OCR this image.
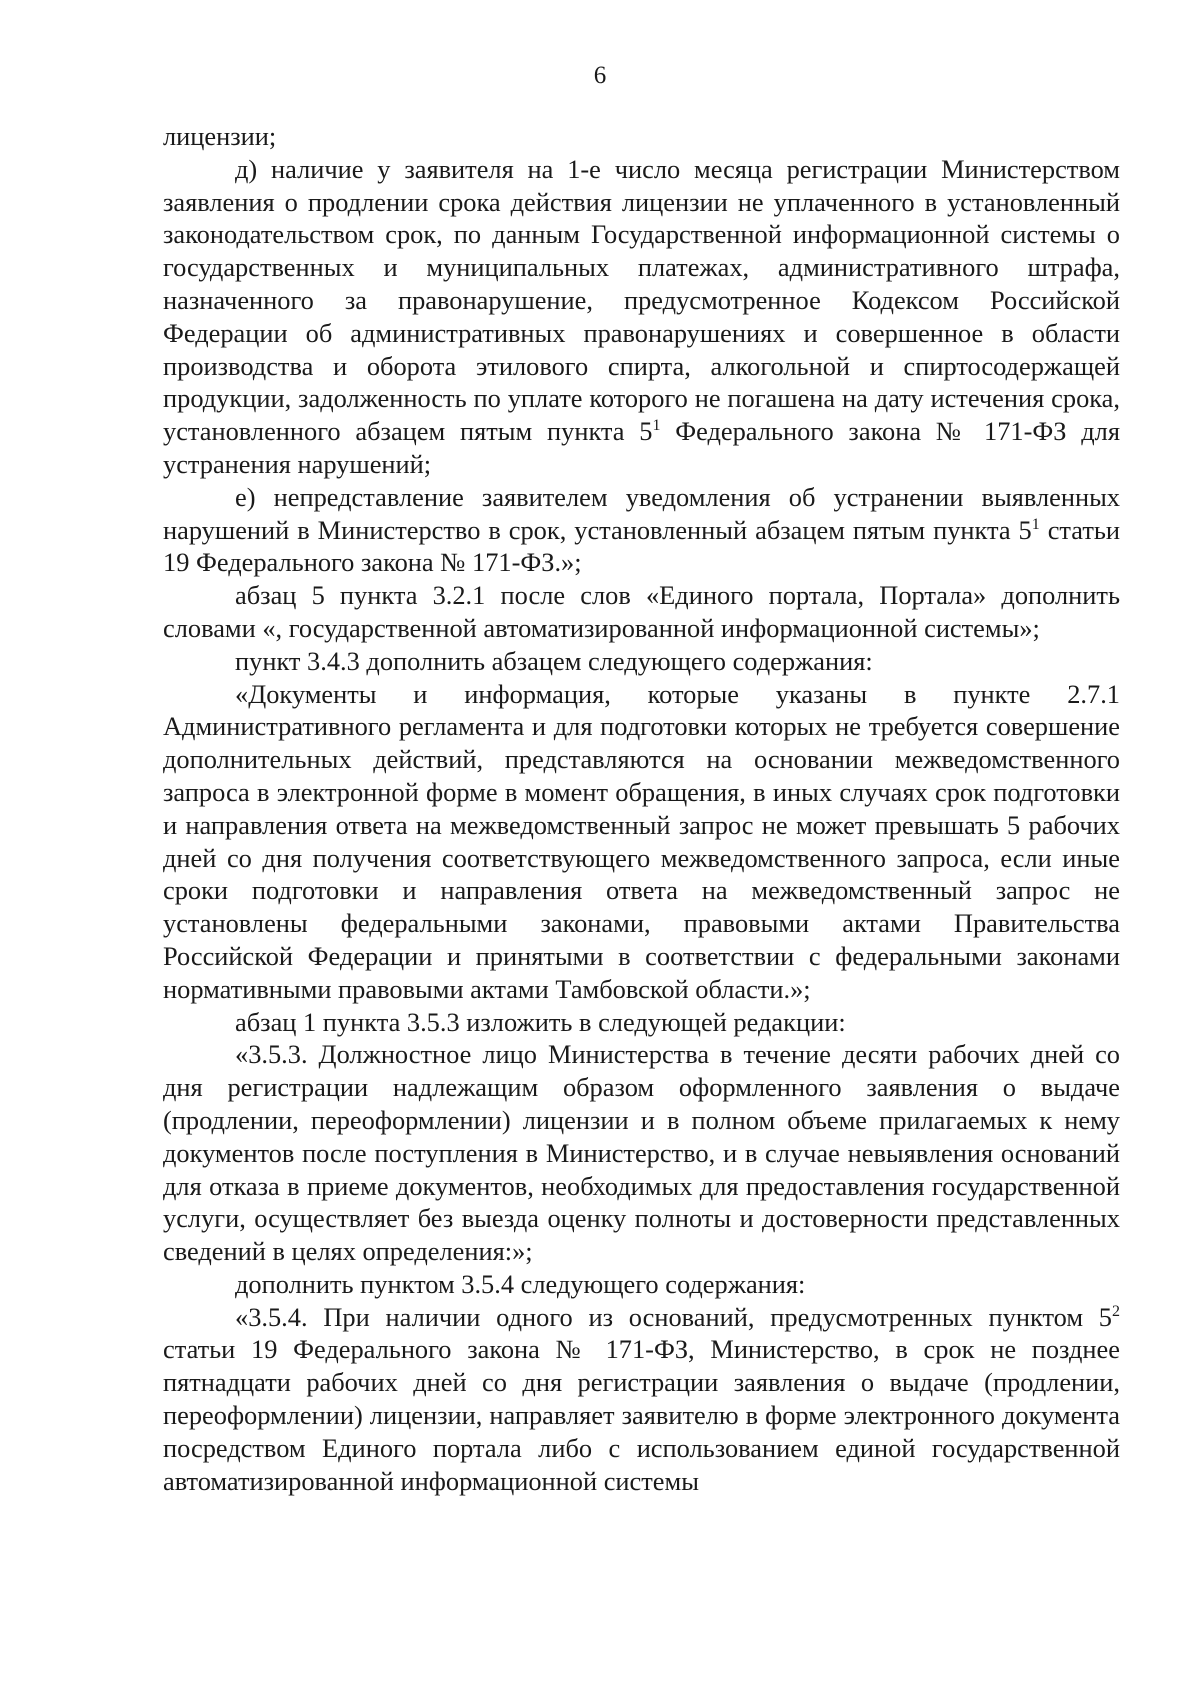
6

лицензии;

д) наличие у заявителя на 1-е число месяца регистрации Министерством заявления о продлении срока действия лицензии не уплаченного в установленный законодательством срок, по данным Государственной информационной системы о государственных и муниципальных платежах, административного штрафа, назначенного за правонарушение, предусмотренное Кодексом Российской Федерации об административных правонарушениях и совершенное в области производства и оборота этилового спирта, алкогольной и спиртосодержащей продукции, задолженность по уплате которого не погашена на дату истечения срока, установленного абзацем пятым пункта $5^1$ Федерального закона № 171-ФЗ для устранения нарушений;

е) непредставление заявителем уведомления об устранении выявленных нарушений в Министерство в срок, установленный абзацем пятым пункта $5^1$ статьи 19 Федерального закона № 171-ФЗ.»;

абзац 5 пункта 3.2.1 после слов «Единого портала, Портала» дополнить словами «, государственной автоматизированной информационной системы»;

пункт 3.4.3 дополнить абзацем следующего содержания:

«Документы и информация, которые указаны в пункте 2.7.1 Административного регламента и для подготовки которых не требуется совершение дополнительных действий, представляются на основании межведомственного запроса в электронной форме в момент обращения, в иных случаях срок подготовки и направления ответа на межведомственный запрос не может превышать 5 рабочих дней со дня получения соответствующего межведомственного запроса, если иные сроки подготовки и направления ответа на межведомственный запрос не установлены федеральными законами, правовыми актами Правительства Российской Федерации и принятыми в соответствии с федеральными законами нормативными правовыми актами Тамбовской области.»;

абзац 1 пункта 3.5.3 изложить в следующей редакции:

«3.5.3. Должностное лицо Министерства в течение десяти рабочих дней со дня регистрации надлежащим образом оформленного заявления о выдаче (продлении, переоформлении) лицензии и в полном объеме прилагаемых к нему документов после поступления в Министерство, и в случае невыявления оснований для отказа в приеме документов, необходимых для предоставления государственной услуги, осуществляет без выезда оценку полноты и достоверности представленных сведений в целях определения:»;

дополнить пунктом 3.5.4 следующего содержания:

«3.5.4. При наличии одного из оснований, предусмотренных пунктом $5^2$ статьи 19 Федерального закона № 171-ФЗ, Министерство, в срок не позднее пятнадцати рабочих дней со дня регистрации заявления о выдаче (продлении, переоформлении) лицензии, направляет заявителю в форме электронного документа посредством Единого портала либо с использованием единой государственной автоматизированной информационной системы
